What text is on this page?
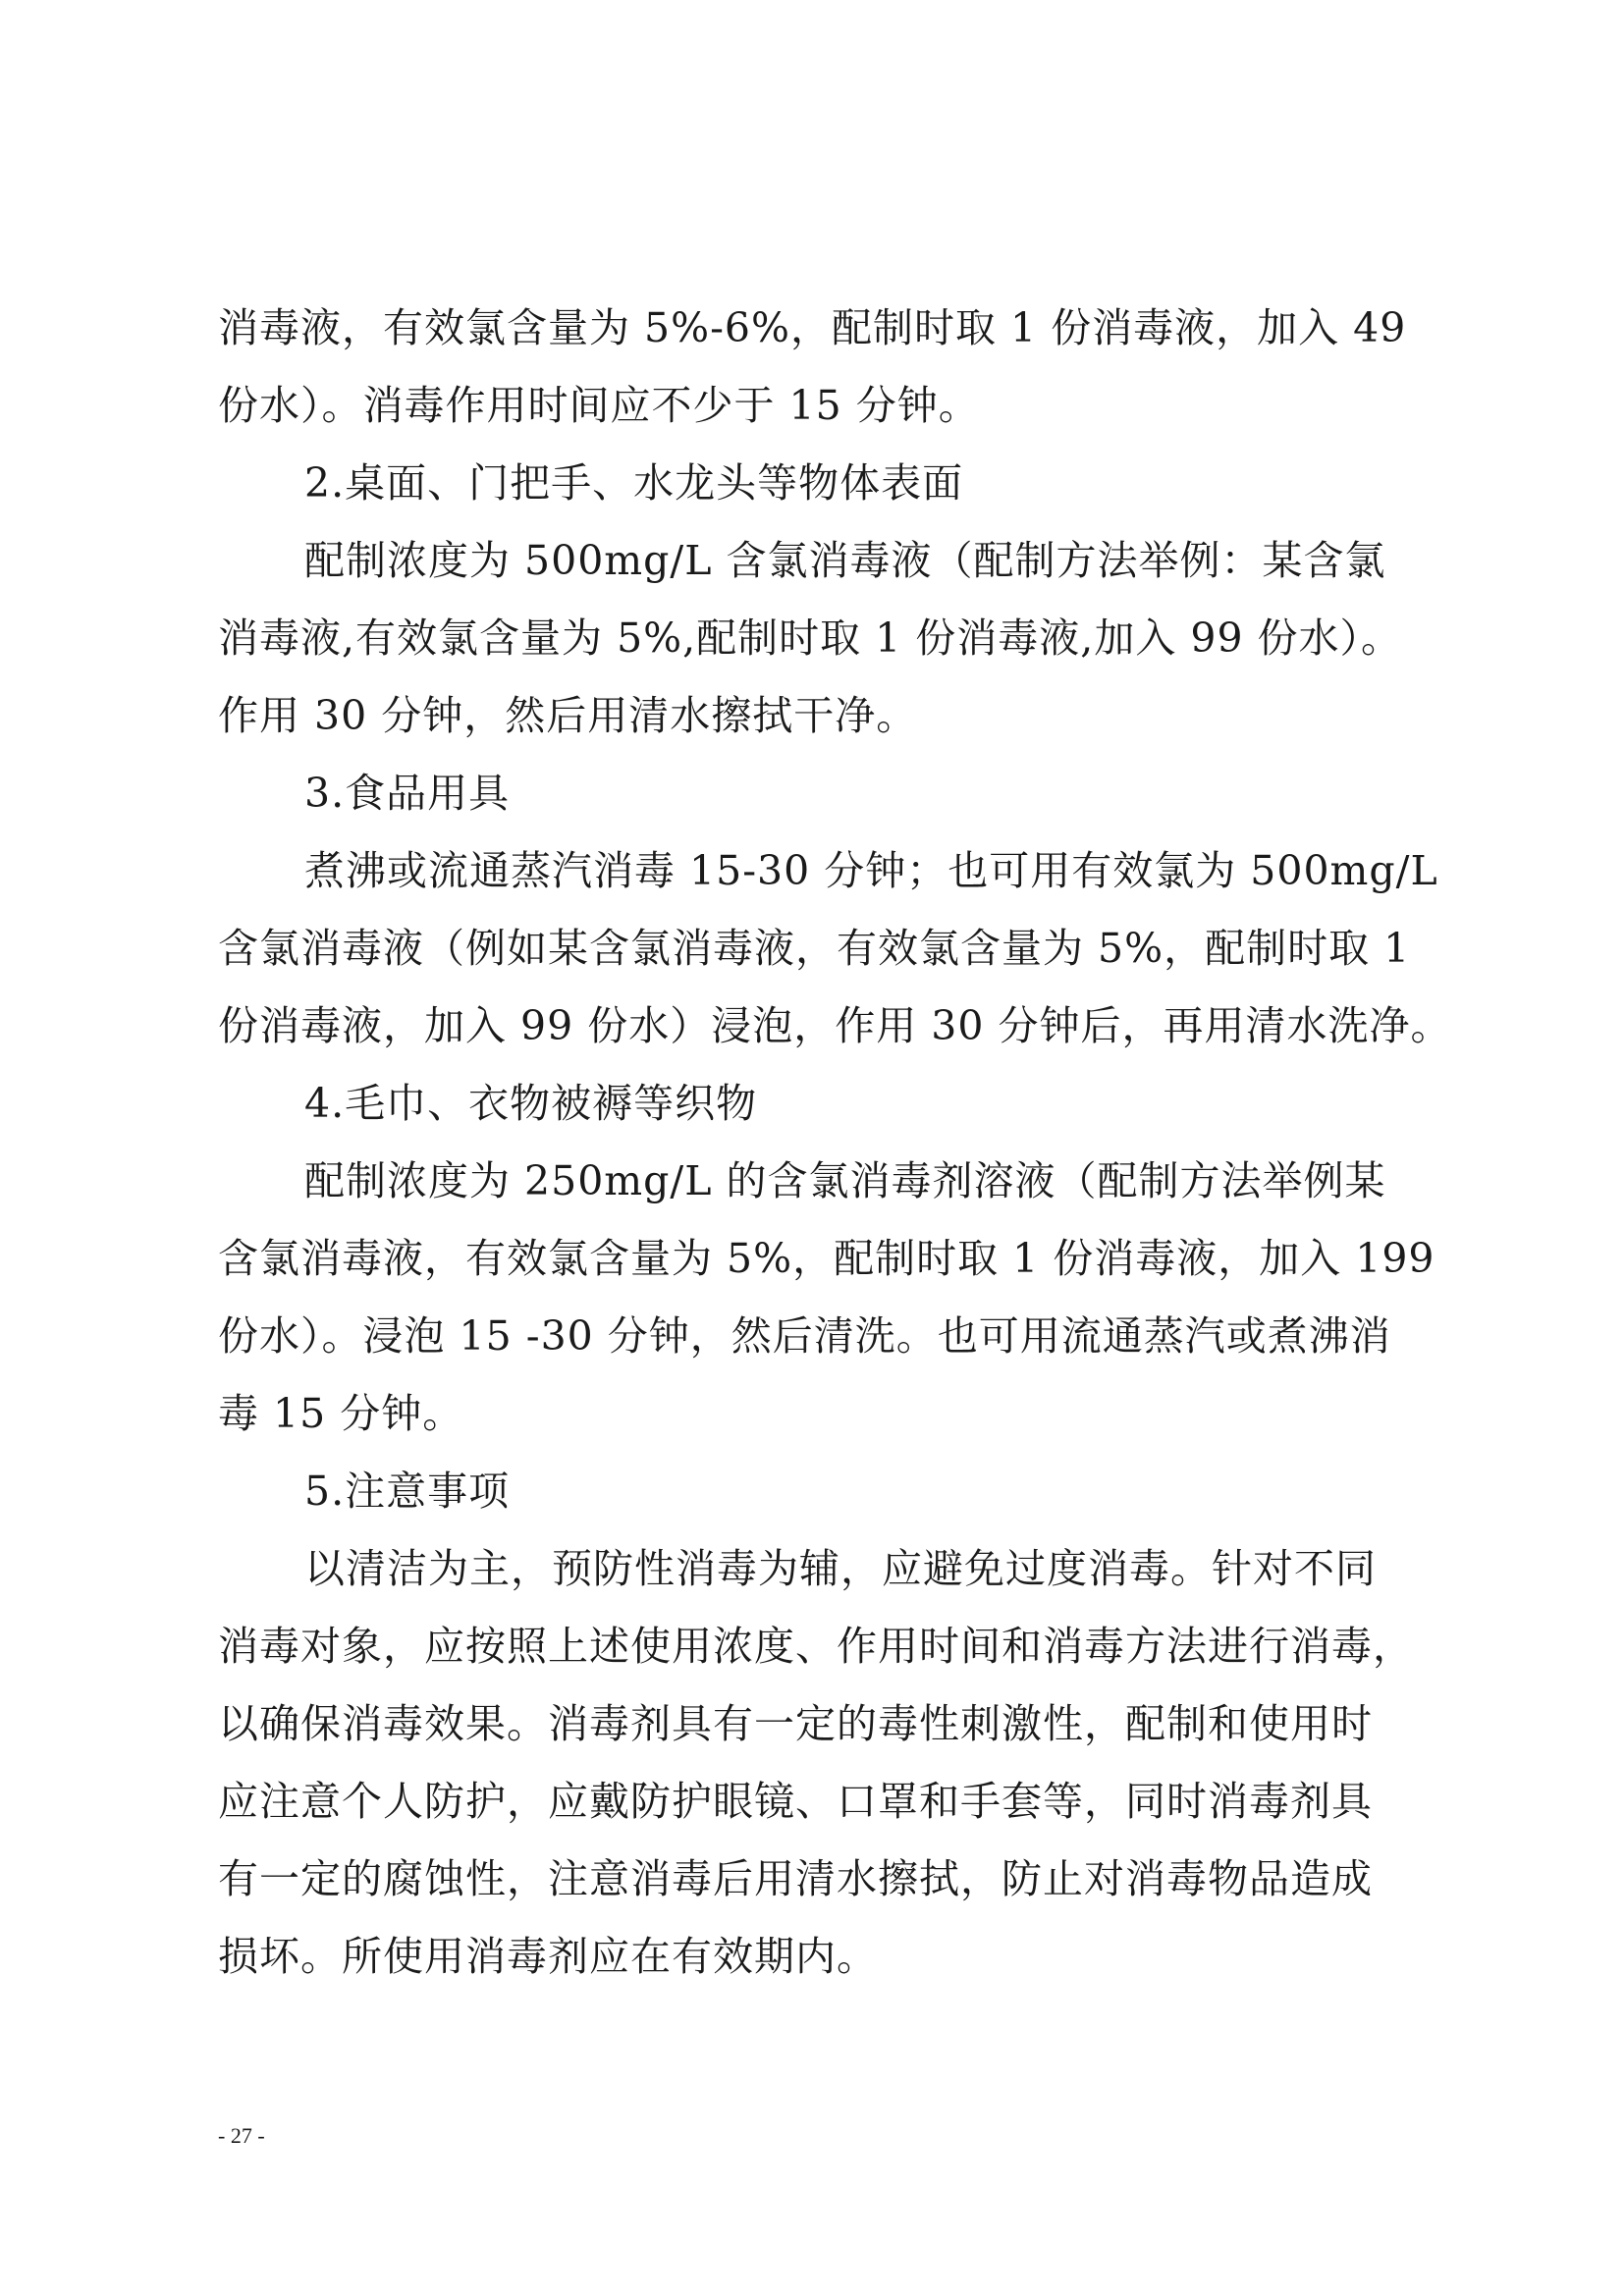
消毒液，有效氯含量为 5%-6%，配制时取 1 份消毒液，加入 49
份水）。消毒作用时间应不少于 15 分钟。
2.桌面、门把手、水龙头等物体表面
配制浓度为 500mg/L 含氯消毒液（配制方法举例：某含氯
消毒液,有效氯含量为 5%,配制时取 1 份消毒液,加入 99 份水）。
作用 30 分钟，然后用清水擦拭干净。
3.食品用具
煮沸或流通蒸汽消毒 15-30 分钟；也可用有效氯为 500mg/L
含氯消毒液（例如某含氯消毒液，有效氯含量为 5%，配制时取 1
份消毒液，加入 99 份水）浸泡，作用 30 分钟后，再用清水洗净。
4.毛巾、衣物被褥等织物
配制浓度为 250mg/L 的含氯消毒剂溶液（配制方法举例某
含氯消毒液，有效氯含量为 5%，配制时取 1 份消毒液，加入 199
份水）。浸泡 15 -30 分钟，然后清洗。也可用流通蒸汽或煮沸消
毒 15 分钟。
5.注意事项
以清洁为主，预防性消毒为辅，应避免过度消毒。针对不同
消毒对象，应按照上述使用浓度、作用时间和消毒方法进行消毒，
以确保消毒效果。消毒剂具有一定的毒性刺激性，配制和使用时
应注意个人防护，应戴防护眼镜、口罩和手套等，同时消毒剂具
有一定的腐蚀性，注意消毒后用清水擦拭，防止对消毒物品造成
损坏。所使用消毒剂应在有效期内。
- 27 -
